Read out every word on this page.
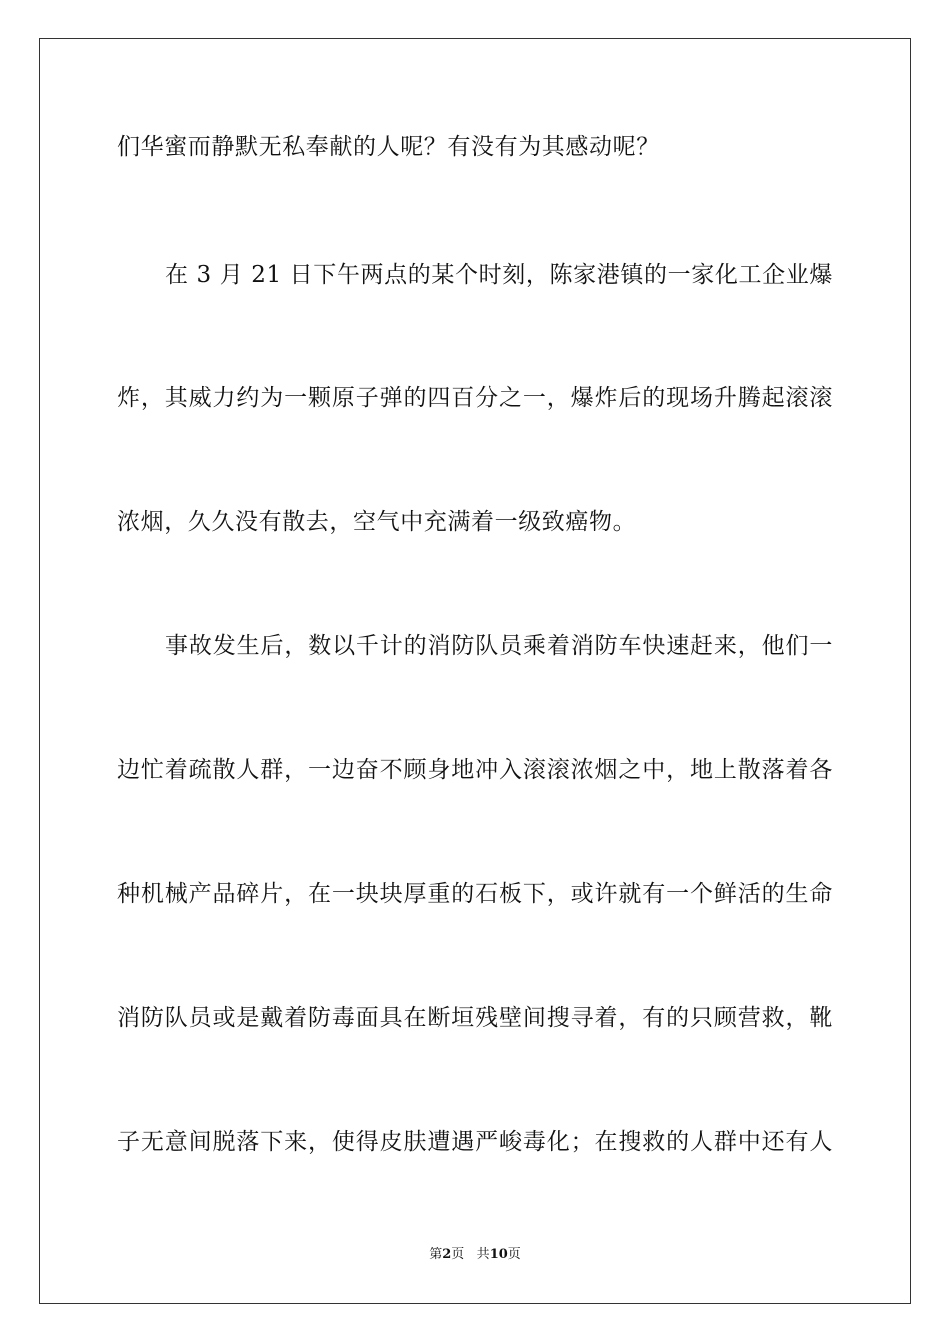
们华蜜而静默无私奉献的人呢？有没有为其感动呢？
在 3 月 21 日下午两点的某个时刻，陈家港镇的一家化工企业爆
炸，其威力约为一颗原子弹的四百分之一，爆炸后的现场升腾起滚滚
浓烟，久久没有散去，空气中充满着一级致癌物。
事故发生后，数以千计的消防队员乘着消防车快速赶来，他们一
边忙着疏散人群，一边奋不顾身地冲入滚滚浓烟之中，地上散落着各
种机械产品碎片，在一块块厚重的石板下，或许就有一个鲜活的生命
消防队员或是戴着防毒面具在断垣残壁间搜寻着，有的只顾营救，靴
子无意间脱落下来，使得皮肤遭遇严峻毒化；在搜救的人群中还有人
第2页 共10页
